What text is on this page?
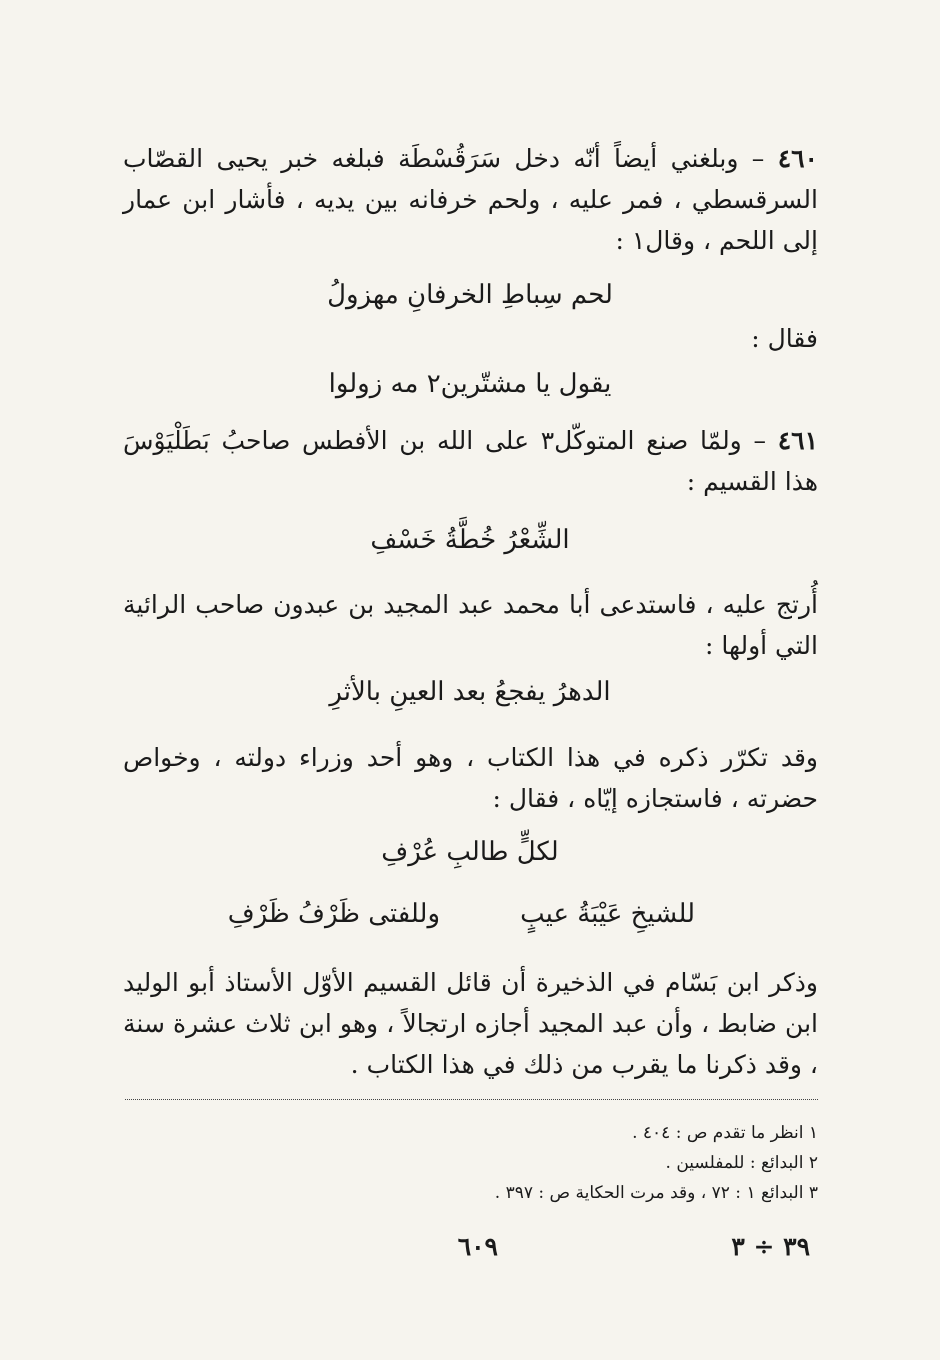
٤٦٠ – وبلغني أيضاً أنّه دخل سَرَقُسْطَة فبلغه خبر يحيى القصّاب السرقسطي ، فمر عليه ، ولحم خرفانه بين يديه ، فأشار ابن عمار إلى اللحم ، وقال١ :

لحم سِباطِ الخرفانِ مهزولُ
فقال :
يقول يا مشتّرين٢ مه زولوا

٤٦١ – ولمّا صنع المتوكّل٣ على الله بن الأفطس صاحبُ بَطَلْيَوْسَ هذا القسيم :

الشِّعْرُ خُطَّةُ خَسْفِ

أُرتج عليه ، فاستدعى أبا محمد عبد المجيد بن عبدون صاحب الرائية التي أولها :

الدهرُ يفجعُ بعد العينِ بالأثرِ

وقد تكرّر ذكره في هذا الكتاب ، وهو أحد وزراء دولته ، وخواص حضرته ، فاستجازه إيّاه ، فقال :

لكلٍّ طالبِ عُرْفِ
للشيخِ عَيْبَةُ عيبٍ
وللفتى ظَرْفُ ظَرْفِ

وذكر ابن بَسّام في الذخيرة أن قائل القسيم الأوّل الأستاذ أبو الوليد ابن ضابط ، وأن عبد المجيد أجازه ارتجالاً ، وهو ابن ثلاث عشرة سنة ، وقد ذكرنا ما يقرب من ذلك في هذا الكتاب .

١ انظر ما تقدم ص : ٤٠٤ .
٢ البدائع : للمفلسين .
٣ البدائع ١ : ٧٢ ، وقد مرت الحكاية ص : ٣٩٧ .
٣٩ ÷ ٣
٦٠٩
